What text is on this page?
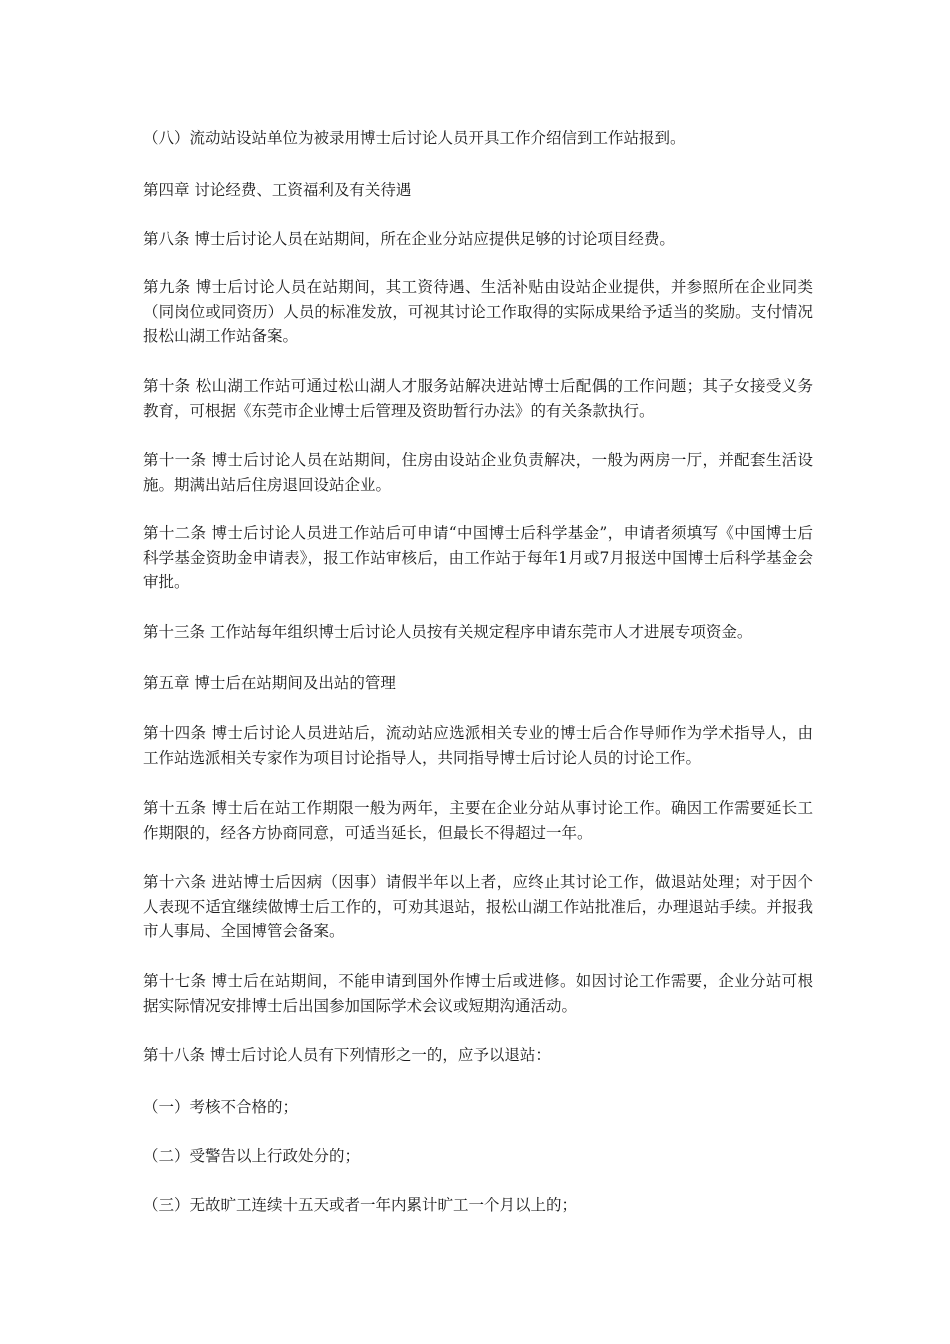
（八）流动站设站单位为被录用博士后讨论人员开具工作介绍信到工作站报到。

第四章 讨论经费、工资福利及有关待遇

第八条 博士后讨论人员在站期间，所在企业分站应提供足够的讨论项目经费。

第九条 博士后讨论人员在站期间，其工资待遇、生活补贴由设站企业提供，并参照所在企业同类（同岗位或同资历）人员的标准发放，可视其讨论工作取得的实际成果给予适当的奖励。支付情况报松山湖工作站备案。

第十条 松山湖工作站可通过松山湖人才服务站解决进站博士后配偶的工作问题；其子女接受义务教育，可根据《东莞市企业博士后管理及资助暂行办法》的有关条款执行。

第十一条 博士后讨论人员在站期间，住房由设站企业负责解决，一般为两房一厅，并配套生活设施。期满出站后住房退回设站企业。

第十二条 博士后讨论人员进工作站后可申请“中国博士后科学基金”，申请者须填写《中国博士后科学基金资助金申请表》，报工作站审核后，由工作站于每年1月或7月报送中国博士后科学基金会审批。

第十三条 工作站每年组织博士后讨论人员按有关规定程序申请东莞市人才进展专项资金。

第五章 博士后在站期间及出站的管理

第十四条 博士后讨论人员进站后，流动站应选派相关专业的博士后合作导师作为学术指导人，由工作站选派相关专家作为项目讨论指导人，共同指导博士后讨论人员的讨论工作。

第十五条 博士后在站工作期限一般为两年，主要在企业分站从事讨论工作。确因工作需要延长工作期限的，经各方协商同意，可适当延长，但最长不得超过一年。

第十六条 进站博士后因病（因事）请假半年以上者，应终止其讨论工作，做退站处理；对于因个人表现不适宜继续做博士后工作的，可劝其退站，报松山湖工作站批准后，办理退站手续。并报我市人事局、全国博管会备案。

第十七条 博士后在站期间，不能申请到国外作博士后或进修。如因讨论工作需要，企业分站可根据实际情况安排博士后出国参加国际学术会议或短期沟通活动。

第十八条 博士后讨论人员有下列情形之一的，应予以退站：

（一）考核不合格的；

（二）受警告以上行政处分的；

（三）无故旷工连续十五天或者一年内累计旷工一个月以上的；
